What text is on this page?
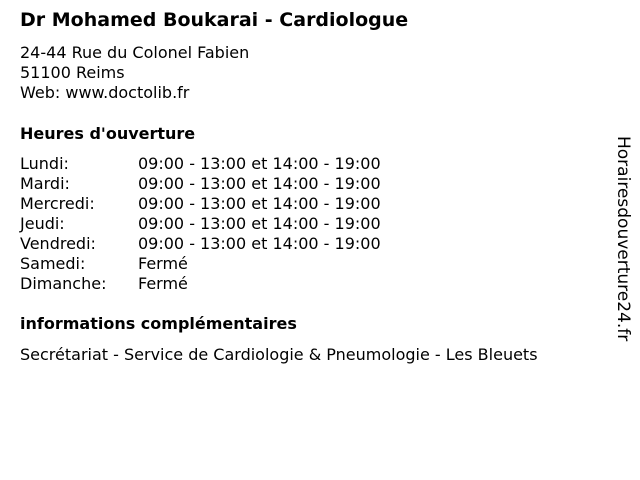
Dr Mohamed Boukarai - Cardiologue
24-44 Rue du Colonel Fabien
51100 Reims
Web: www.doctolib.fr
Heures d'ouverture
Lundi:	09:00 - 13:00 et 14:00 - 19:00
Mardi:	09:00 - 13:00 et 14:00 - 19:00
Mercredi:	09:00 - 13:00 et 14:00 - 19:00
Jeudi:	09:00 - 13:00 et 14:00 - 19:00
Vendredi:	09:00 - 13:00 et 14:00 - 19:00
Samedi:	Fermé
Dimanche: Fermé
informations complémentaires
Secrétariat - Service de Cardiologie & Pneumologie - Les Bleuets
Horairesdouverture24.fr
